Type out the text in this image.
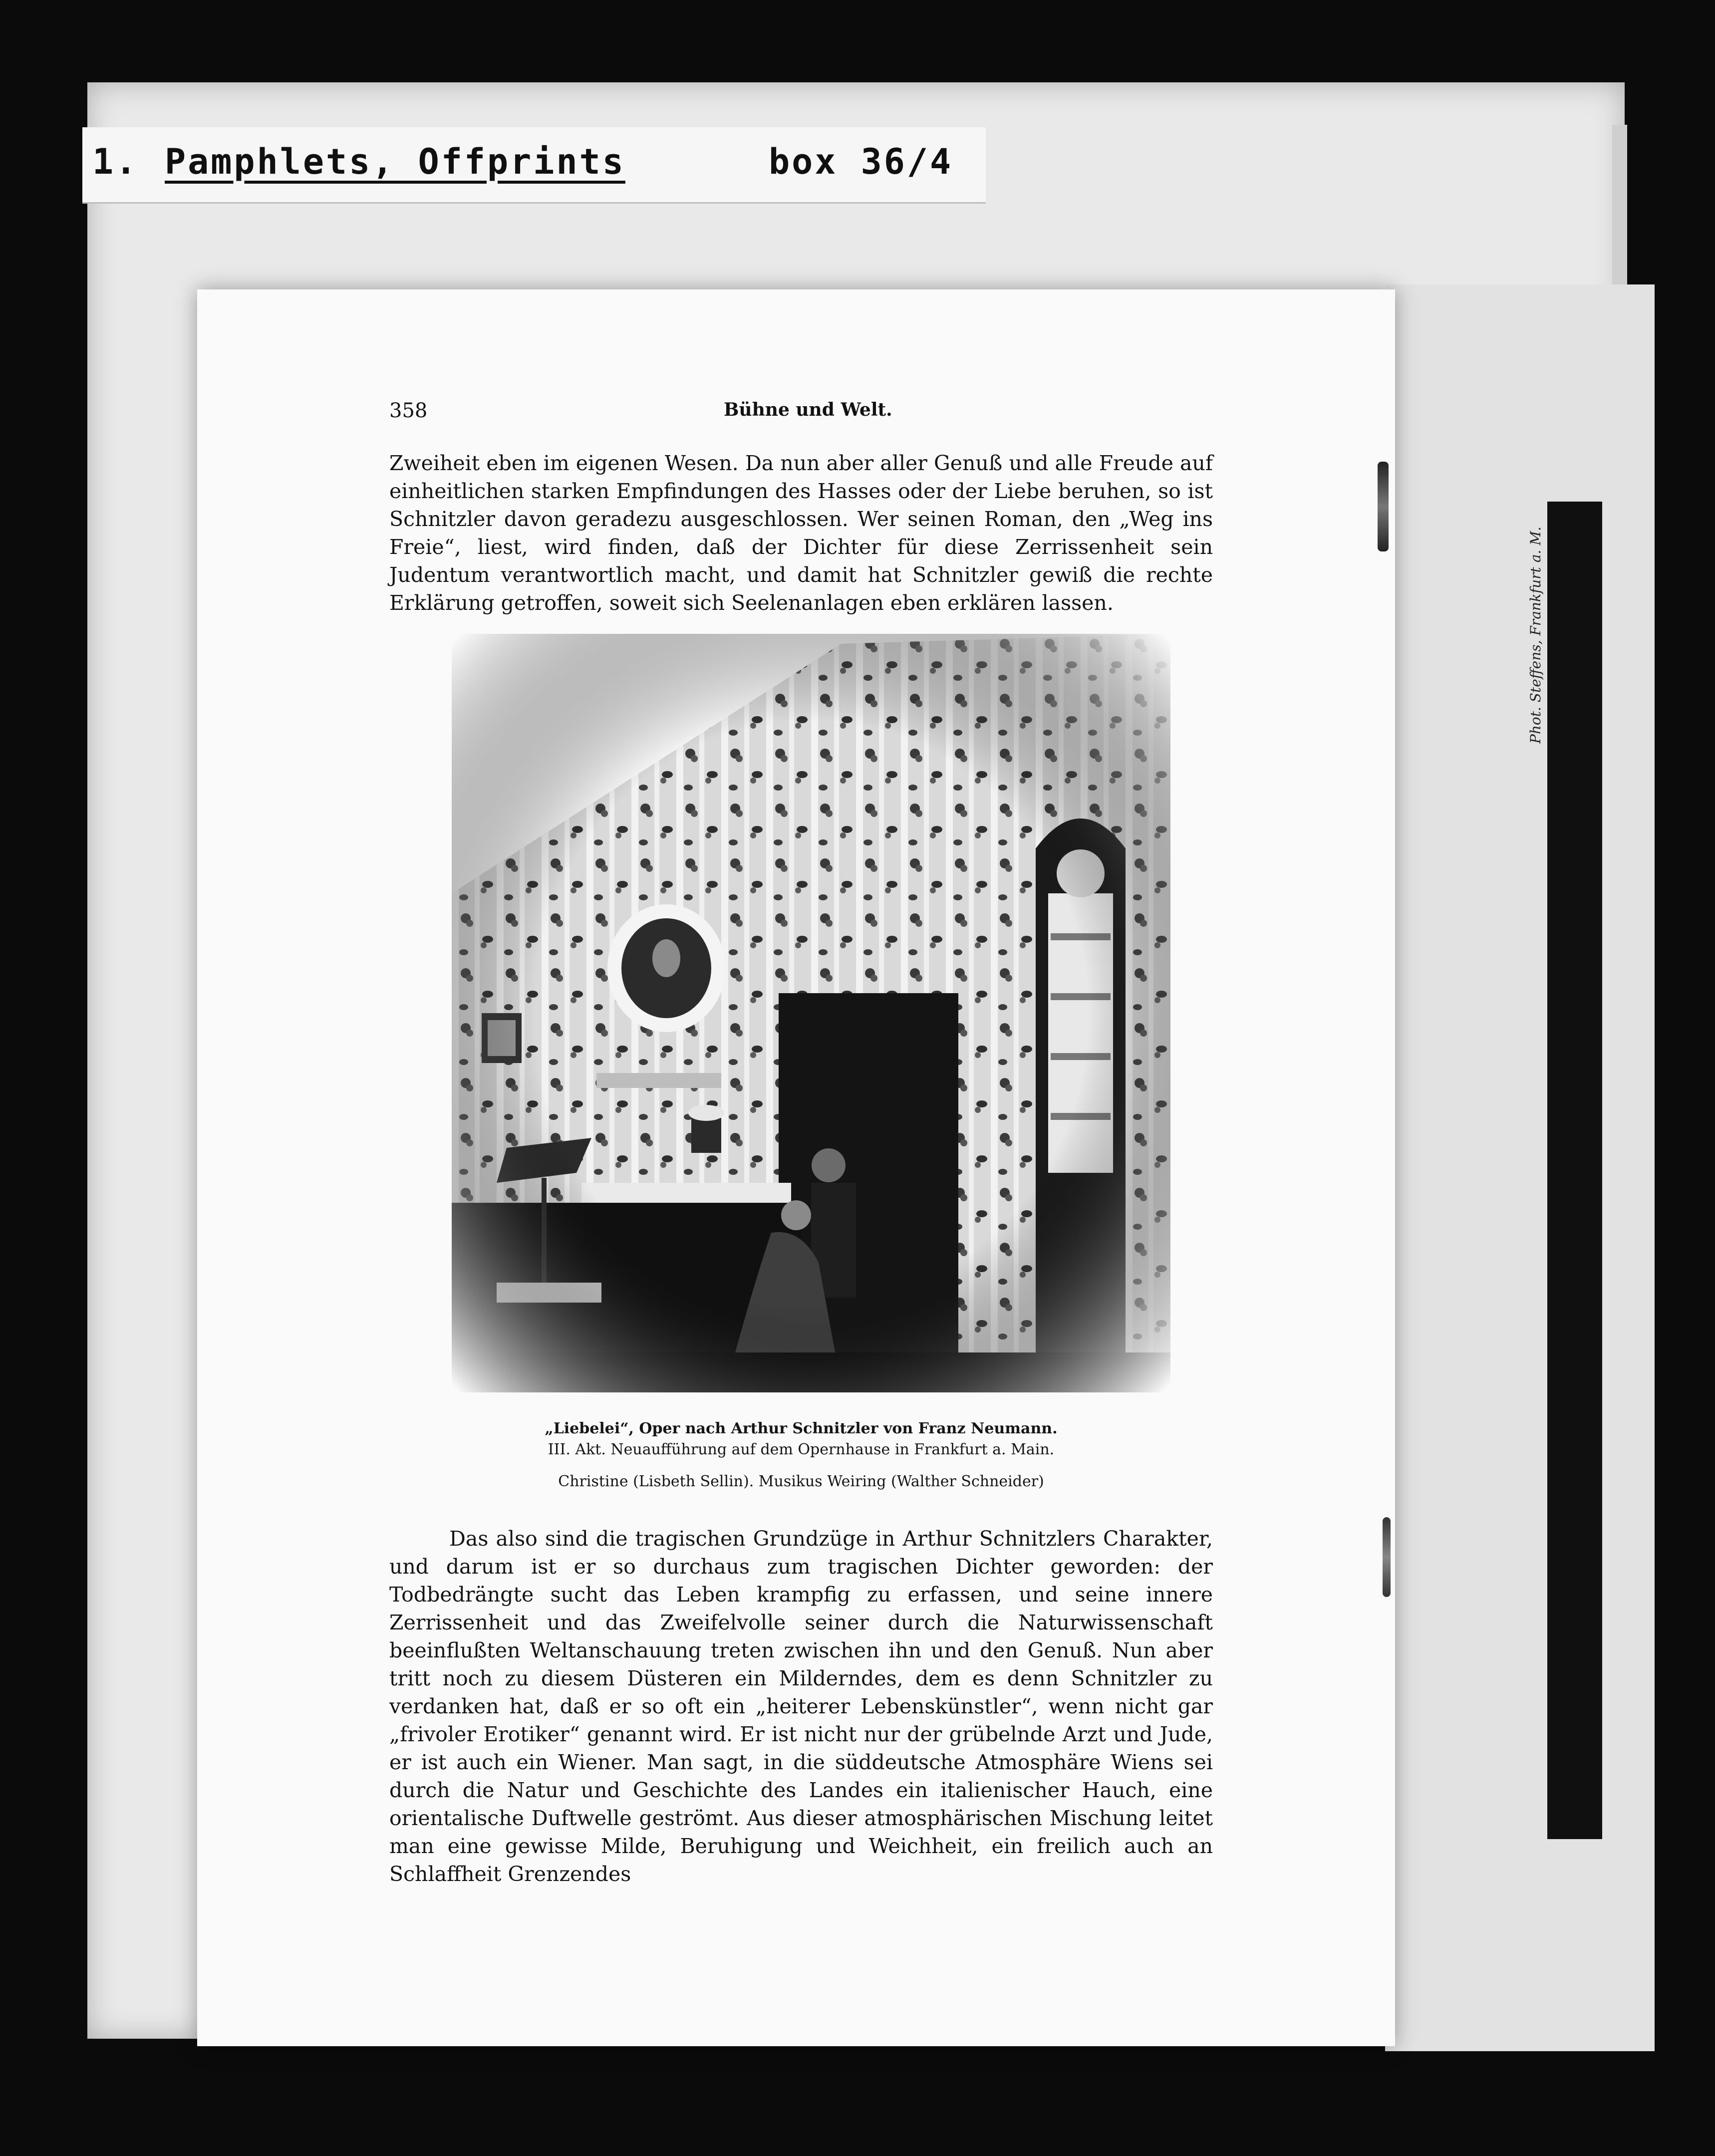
1. Pamphlets, Offprints	box 36/4
Phot. Steffens, Frankfurt a. M.
358	Bühne und Welt.
Zweiheit eben im eigenen Wesen. Da nun aber aller Genuß und alle Freude auf einheitlichen starken Empfindungen des Hasses oder der Liebe beruhen, so ist Schnitzler davon geradezu ausgeschlossen. Wer seinen Roman, den „Weg ins Freie“, liest, wird finden, daß der Dichter für diese Zerrissenheit sein Judentum verantwortlich macht, und damit hat Schnitzler gewiß die rechte Erklärung getroffen, soweit sich Seelenanlagen eben erklären lassen.
„Liebelei“, Oper nach Arthur Schnitzler von Franz Neumann.
III. Akt. Neuaufführung auf dem Opernhause in Frankfurt a. Main.
Christine (Lisbeth Sellin). Musikus Weiring (Walther Schneider)
Das also sind die tragischen Grundzüge in Arthur Schnitzlers Charakter, und darum ist er so durchaus zum tragischen Dichter geworden: der Todbedrängte sucht das Leben krampfig zu erfassen, und seine innere Zerrissenheit und das Zweifelvolle seiner durch die Naturwissenschaft beeinflußten Weltanschauung treten zwischen ihn und den Genuß. Nun aber tritt noch zu diesem Düsteren ein Milderndes, dem es denn Schnitzler zu verdanken hat, daß er so oft ein „heiterer Lebenskünstler“, wenn nicht gar „frivoler Erotiker“ genannt wird. Er ist nicht nur der grübelnde Arzt und Jude, er ist auch ein Wiener. Man sagt, in die süddeutsche Atmosphäre Wiens sei durch die Natur und Geschichte des Landes ein italienischer Hauch, eine orientalische Duftwelle geströmt. Aus dieser atmosphärischen Mischung leitet man eine gewisse Milde, Beruhigung und Weichheit, ein freilich auch an Schlaffheit Grenzendes
